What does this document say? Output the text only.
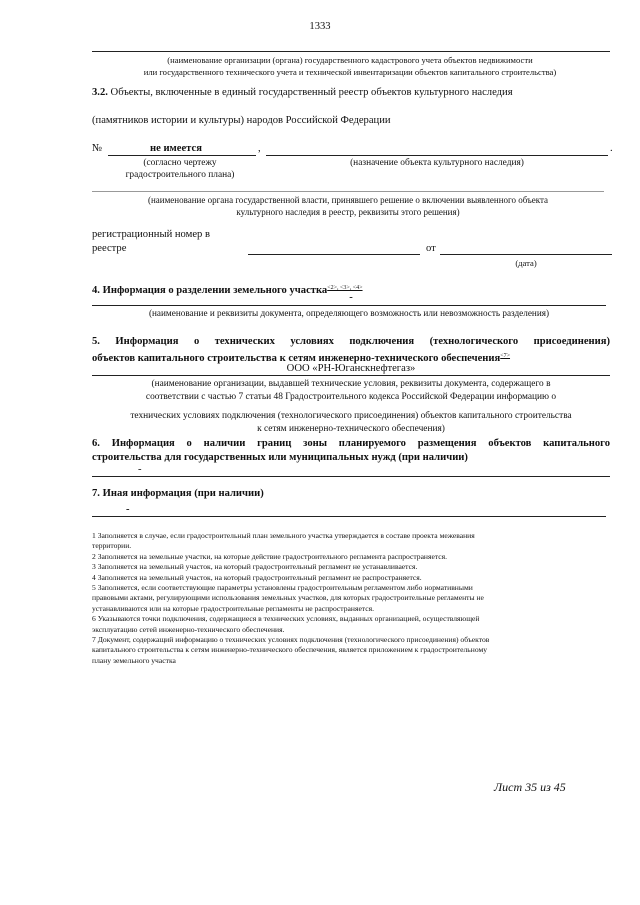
1333
(наименование организации (органа) государственного кадастрового учета объектов недвижимости
или государственного технического учета и технической инвентаризации объектов капитального строительства)
3.2. Объекты, включенные в единый государственный реестр объектов культурного наследия
(памятников истории и культуры) народов Российской Федерации
№	не имеется	,	.
(согласно чертежу
градостроительного плана)
(назначение объекта культурного наследия)
(наименование органа государственной власти, принявшего решение о включении выявленного объекта
культурного наследия в реестр, реквизиты этого решения)
регистрационный номер в
реестре	от
(дата)
4. Информация о разделении земельного участка$^{<2>, <3>, <4>}$
-
(наименование и реквизиты документа, определяющего возможность или невозможность разделения)
5. Информация о технических условиях подключения (технологического присоединения)
объектов капитального строительства к сетям инженерно-технического обеспечения$^{<7>}$
ООО «РН-Юганскнефтегаз»
(наименование организации, выдавшей технические условия, реквизиты документа, содержащего в
соответствии с частью 7 статьи 48 Градостроительного кодекса Российской Федерации информацию о
технических условиях подключения (технологического присоединения) объектов капитального строительства
к сетям инженерно-технического обеспечения)
6. Информация о наличии границ зоны планируемого размещения объектов капитального
строительства для государственных или муниципальных нужд (при наличии)
-
7. Иная информация (при наличии)
-
1 Заполняется в случае, если градостроительный план земельного участка утверждается в составе проекта межевания
территории.
2 Заполняется на земельные участки, на которые действие градостроительного регламента распространяется.
3 Заполняется на земельный участок, на который градостроительный регламент не устанавливается.
4 Заполняется на земельный участок, на который градостроительный регламент не распространяется.
5 Заполняется, если соответствующие параметры установлены градостроительным регламентом либо нормативными
правовыми актами, регулирующими использования земельных участков, для которых градостроительные регламенты не
устанавливаются или на которые градостроительные регламенты не распространяется.
6 Указываются точки подключения, содержащиеся в технических условиях, выданных организацией, осуществляющей
эксплуатацию сетей инженерно-технического обеспечения.
7 Документ, содержащий информацию о технических условиях подключения (технологического присоединения) объектов
капитального строительства к сетям инженерно-технического обеспечения, является приложением к градостроительному
плану земельного участка
Лист 35 из 45
